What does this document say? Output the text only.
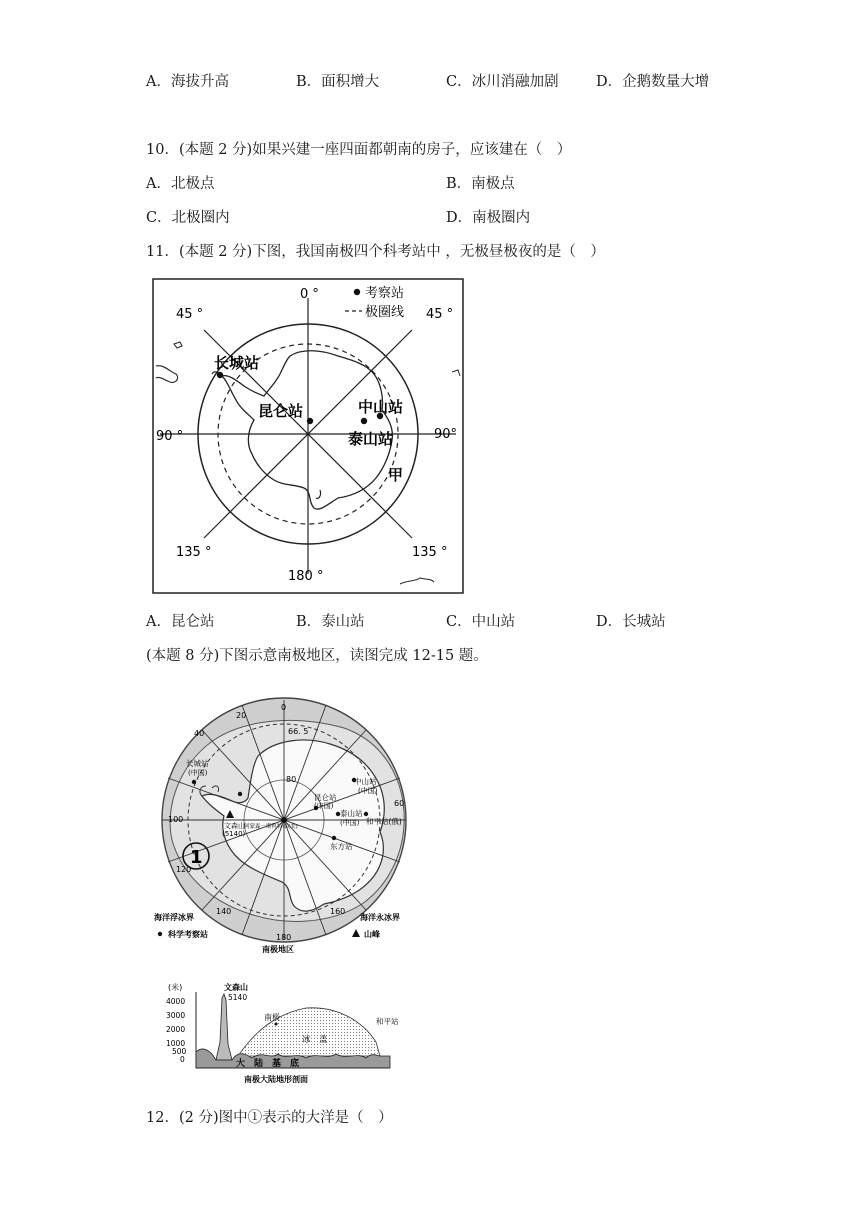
A．海拔升高	B．面积增大	C．冰川消融加剧	D．企鹅数量大增
10．(本题 2 分)如果兴建一座四面都朝南的房子，应该建在（　）
A．北极点	B．南极点
C．北极圈内	D．南极圈内
11．(本题 2 分)下图，我国南极四个科考站中 ，无极昼极夜的是（　）
考察站
极圈线
0 °
45 °	45 °
90 °	90°
135 °	135 °
180 °
长城站
昆仑站	中山站
泰山站
甲
A．昆仑站	B．泰山站	C．中山站	D．长城站
(本题 8 分)下图示意南极地区，读图完成 12-15 题。
20
0
66. 5
40
60
80
100
120
140	160
180
长城站
(中国)
中山站
(中国)
昆仑站
(中国)
泰山站
(中国) 和平站(俄)
东方站
文森山
(5140)
阿蒙森－斯科特站(美)
1
海洋浮冰界	海洋永冰界
科学考察站	山峰
南极地区
(米)
4000
3000
2000
1000
500
0
文森山
5140
南极
冰　盖
和平站
大　陆　基　底
南极大陆地形剖面
12．(2 分)图中①表示的大洋是（　）
